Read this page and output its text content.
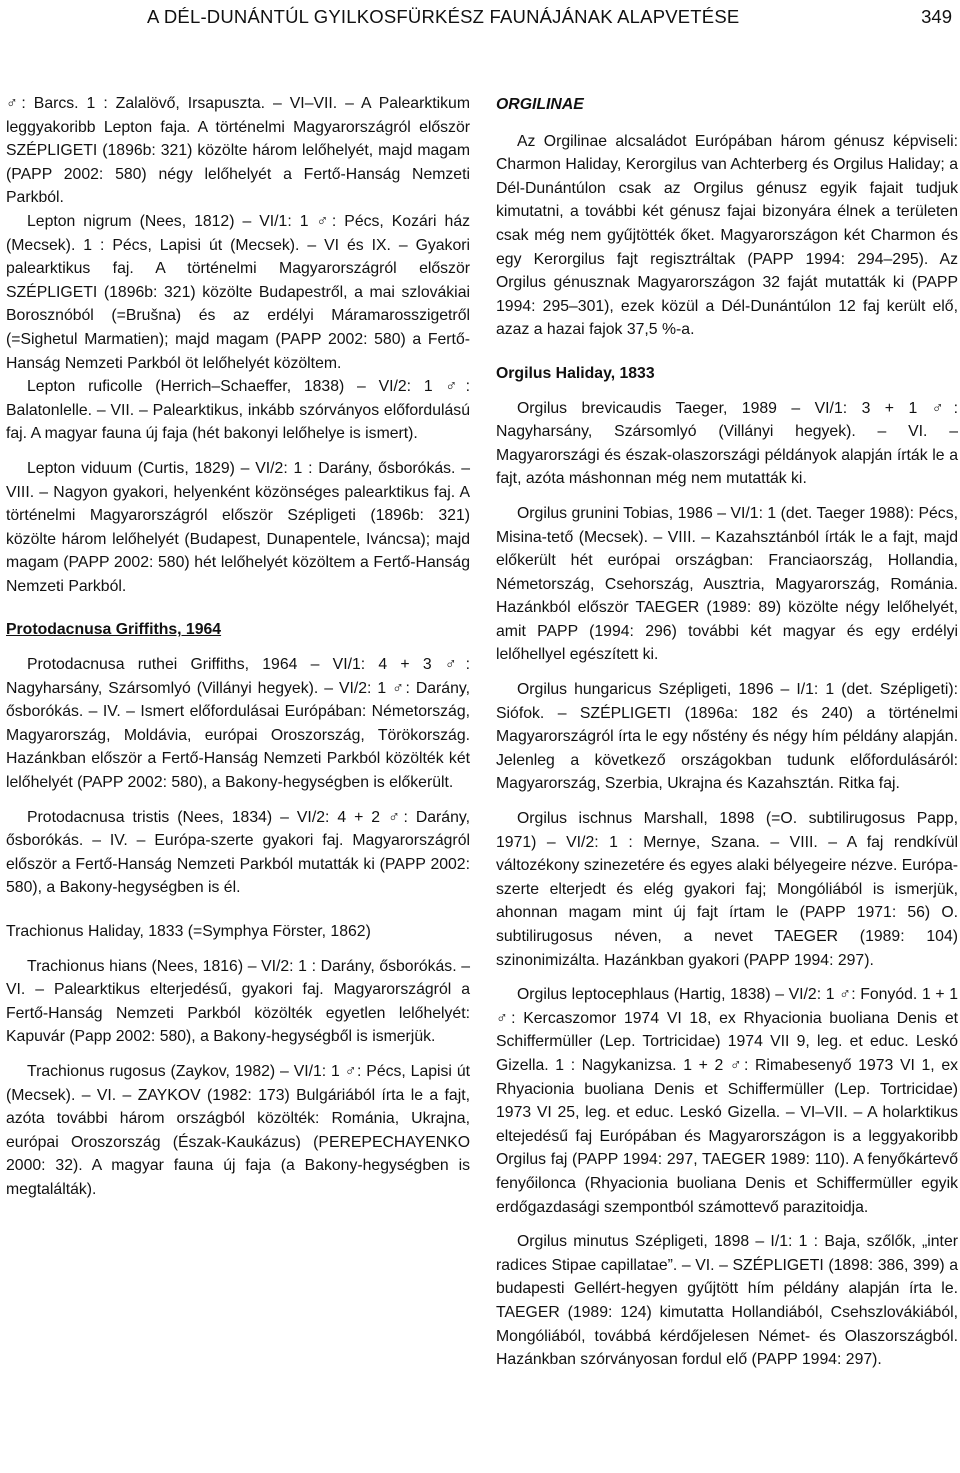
A DÉL-DUNÁNTÚL GYILKOSFÜRKÉSZ FAUNÁJÁNAK ALAPVETÉSE	349

♂: Barcs. 1 : Zalalövő, Irsapuszta. – VI–VII. – A Palearktikum leggyakoribb Lepton faja. A történelmi Magyarországról először SZÉPLIGETI (1896b: 321) közölte három lelőhelyét, majd magam (PAPP 2002: 580) négy lelőhelyét a Fertő-Hanság Nemzeti Parkból.

Lepton nigrum (Nees, 1812) – VI/1: 1 ♂: Pécs, Kozári ház (Mecsek). 1 : Pécs, Lapisi út (Mecsek). – VI és IX. – Gyakori palearktikus faj. A történelmi Magyarországról először SZÉPLIGETI (1896b: 321) közölte Budapestről, a mai szlovákiai Borosznóból (=Brušna) és az erdélyi Máramarosszigetről (=Sighetul Marmatien); majd magam (PAPP 2002: 580) a Fertő-Hanság Nemzeti Parkból öt lelőhelyét közöltem.

Lepton ruficolle (Herrich–Schaeffer, 1838) – VI/2: 1 ♂: Balatonlelle. – VII. – Palearktikus, inkább szórványos előfordulású faj. A magyar fauna új faja (hét bakonyi lelőhelye is ismert).

Lepton viduum (Curtis, 1829) – VI/2: 1 : Darány, ősborókás. – VIII. – Nagyon gyakori, helyenként közönséges palearktikus faj. A történelmi Magyarországról először Szépligeti (1896b: 321) közölte három lelőhelyét (Budapest, Dunapentele, Iváncsa); majd magam (PAPP 2002: 580) hét lelőhelyét közöltem a Fertő-Hanság Nemzeti Parkból.

Protodacnusa Griffiths, 1964

Protodacnusa ruthei Griffiths, 1964 – VI/1: 4 + 3 ♂: Nagyharsány, Szársomlyó (Villányi hegyek). – VI/2: 1 ♂: Darány, ősborókás. – IV. – Ismert előfordulásai Európában: Németország, Magyarország, Moldávia, európai Oroszország, Törökország. Hazánkban először a Fertő-Hanság Nemzeti Parkból közölték két lelőhelyét (PAPP 2002: 580), a Bakony-hegységben is előkerült.

Protodacnusa tristis (Nees, 1834) – VI/2: 4 + 2 ♂: Darány, ősborókás. – IV. – Európa-szerte gyakori faj. Magyarországról először a Fertő-Hanság Nemzeti Parkból mutatták ki (PAPP 2002: 580), a Bakony-hegységben is él.

Trachionus Haliday, 1833 (=Symphya Förster, 1862)

Trachionus hians (Nees, 1816) – VI/2: 1 : Darány, ősborókás. – VI. – Palearktikus elterjedésű, gyakori faj. Magyarországról a Fertő-Hanság Nemzeti Parkból közölték egyetlen lelőhelyét: Kapuvár (Papp 2002: 580), a Bakony-hegységből is ismerjük.

Trachionus rugosus (Zaykov, 1982) – VI/1: 1 ♂: Pécs, Lapisi út (Mecsek). – VI. – ZAYKOV (1982: 173) Bulgáriából írta le a fajt, azóta további három országból közölték: Románia, Ukrajna, európai Oroszország (Észak-Kaukázus) (PEREPECHAYENKO 2000: 32). A magyar fauna új faja (a Bakony-hegységben is megtalálták).

ORGILINAE

Az Orgilinae alcsaládot Európában három génusz képviseli: Charmon Haliday, Kerorgilus van Achterberg és Orgilus Haliday; a Dél-Dunántúlon csak az Orgilus génusz egyik fajait tudjuk kimutatni, a további két génusz fajai bizonyára élnek a területen csak még nem gyűjtötték őket. Magyarországon két Charmon és egy Kerorgilus fajt regisztráltak (PAPP 1994: 294–295). Az Orgilus génusznak Magyarországon 32 faját mutatták ki (PAPP 1994: 295–301), ezek közül a Dél-Dunántúlon 12 faj került elő, azaz a hazai fajok 37,5 %-a.

Orgilus Haliday, 1833

Orgilus brevicaudis Taeger, 1989 – VI/1: 3 + 1 ♂: Nagyharsány, Szársomlyó (Villányi hegyek). – VI. – Magyarországi és észak-olaszországi példányok alapján írták le a fajt, azóta máshonnan még nem mutatták ki.

Orgilus grunini Tobias, 1986 – VI/1: 1 (det. Taeger 1988): Pécs, Misina-tető (Mecsek). – VIII. – Kazahsztánból írták le a fajt, majd előkerült hét európai országban: Franciaország, Hollandia, Németország, Csehország, Ausztria, Magyarország, Románia. Hazánkból először TAEGER (1989: 89) közölte négy lelőhelyét, amit PAPP (1994: 296) további két magyar és egy erdélyi lelőhellyel egészített ki.

Orgilus hungaricus Szépligeti, 1896 – I/1: 1 (det. Szépligeti): Siófok. – SZÉPLIGETI (1896a: 182 és 240) a történelmi Magyarországról írta le egy nőstény és négy hím példány alapján. Jelenleg a következő országokban tudunk előfordulásáról: Magyarország, Szerbia, Ukrajna és Kazahsztán. Ritka faj.

Orgilus ischnus Marshall, 1898 (=O. subtilirugosus Papp, 1971) – VI/2: 1 : Mernye, Szana. – VIII. – A faj rendkívül változékony szinezetére és egyes alaki bélyegeire nézve. Európa-szerte elterjedt és elég gyakori faj; Mongóliából is ismerjük, ahonnan magam mint új fajt írtam le (PAPP 1971: 56) O. subtilirugosus néven, a nevet TAEGER (1989: 104) szinonimizálta. Hazánkban gyakori (PAPP 1994: 297).

Orgilus leptocephlaus (Hartig, 1838) – VI/2: 1 ♂: Fonyód. 1 + 1 ♂: Kercaszomor 1974 VI 18, ex Rhyacionia buoliana Denis et Schiffermüller (Lep. Tortricidae) 1974 VII 9, leg. et educ. Leskó Gizella. 1 : Nagykanizsa. 1 + 2 ♂: Rimabesenyő 1973 VI 1, ex Rhyacionia buoliana Denis et Schiffermüller (Lep. Tortricidae) 1973 VI 25, leg. et educ. Leskó Gizella. – VI–VII. – A holarktikus eltejedésű faj Európában és Magyarországon is a leggyakoribb Orgilus faj (PAPP 1994: 297, TAEGER 1989: 110). A fenyőkártevő fenyőilonca (Rhyacionia buoliana Denis et Schiffermüller egyik erdőgazdasági szempontból számottevő parazitoidja.

Orgilus minutus Szépligeti, 1898 – I/1: 1 : Baja, szőlők, „inter radices Stipae capillatae”. – VI. – SZÉPLIGETI (1898: 386, 399) a budapesti Gellért-hegyen gyűjtött hím példány alapján írta le. TAEGER (1989: 124) kimutatta Hollandiából, Csehszlovákiából, Mongóliából, továbbá kérdőjelesen Német- és Olaszországból. Hazánkban szórványosan fordul elő (PAPP 1994: 297).
